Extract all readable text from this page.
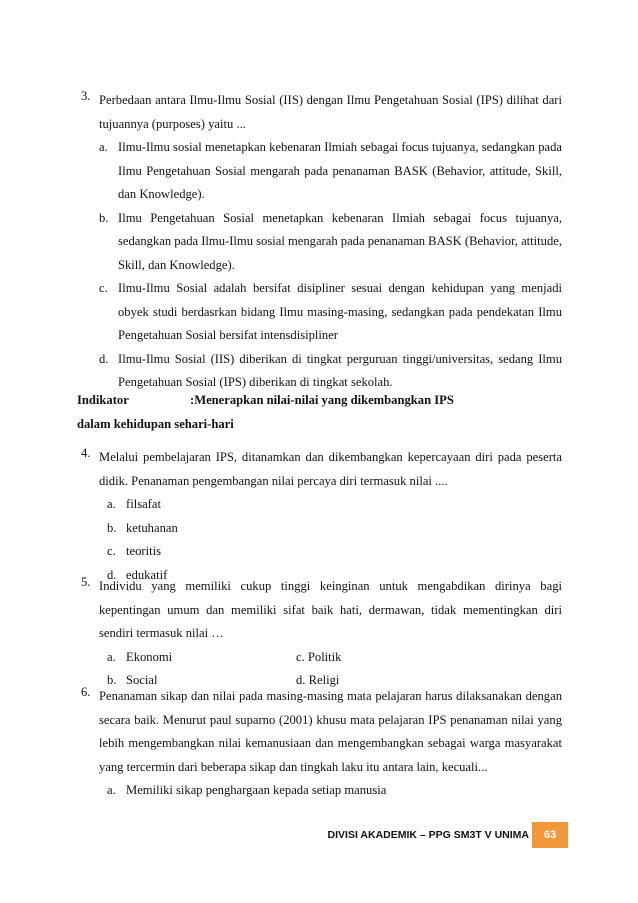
3. Perbedaan antara Ilmu-Ilmu Sosial (IIS) dengan Ilmu Pengetahuan Sosial (IPS) dilihat dari tujuannya (purposes) yaitu ...
a. Ilmu-Ilmu sosial menetapkan kebenaran Ilmiah sebagai focus tujuanya, sedangkan pada Ilmu Pengetahuan Sosial mengarah pada penanaman BASK (Behavior, attitude, Skill, dan Knowledge).
b. Ilmu Pengetahuan Sosial menetapkan kebenaran Ilmiah sebagai focus tujuanya, sedangkan pada Ilmu-Ilmu sosial mengarah pada penanaman BASK (Behavior, attitude, Skill, dan Knowledge).
c. Ilmu-Ilmu Sosial adalah bersifat disipliner sesuai dengan kehidupan yang menjadi obyek studi berdasrkan bidang Ilmu masing-masing, sedangkan pada pendekatan Ilmu Pengetahuan Sosial bersifat intensdisipliner
d. Ilmu-Ilmu Sosial (IIS) diberikan di tingkat perguruan tinggi/universitas, sedang Ilmu Pengetahuan Sosial (IPS) diberikan di tingkat sekolah.
Indikator	:Menerapkan nilai-nilai yang dikembangkan IPS
dalam kehidupan sehari-hari
4. Melalui pembelajaran IPS, ditanamkan dan dikembangkan kepercayaan diri pada peserta didik. Penanaman pengembangan nilai percaya diri termasuk nilai ....
a. filsafat
b. ketuhanan
c. teoritis
d. edukatif
5. Individu yang memiliki cukup tinggi keinginan untuk mengabdikan dirinya bagi kepentingan umum dan memiliki sifat baik hati, dermawan, tidak mementingkan diri sendiri termasuk nilai …
a. Ekonomi	c. Politik
b. Social	d. Religi
6. Penanaman sikap dan nilai pada masing-masing mata pelajaran harus dilaksanakan dengan secara baik. Menurut paul suparno (2001) khusu mata pelajaran IPS penanaman nilai yang lebih mengembangkan nilai kemanusiaan dan mengembangkan sebagai warga masyarakat yang tercermin dari beberapa sikap dan tingkah laku itu antara lain, kecuali...
a. Memiliki sikap penghargaan kepada setiap manusia
DIVISI AKADEMIK – PPG SM3T V UNIMA	63
